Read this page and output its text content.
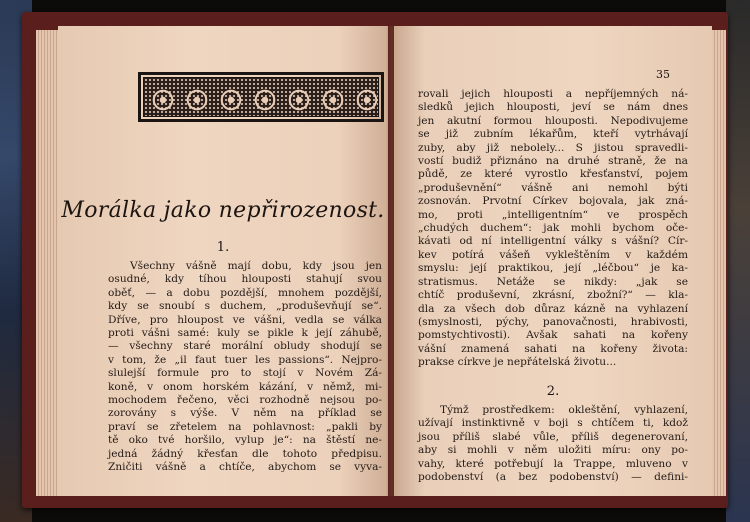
Morálka jako nepřirozenost.
1.
Všechny vášně mají dobu, kdy jsou jen
osudné, kdy tíhou hlouposti stahují svou
oběť, — a dobu pozdější, mnohem pozdější,
kdy se snoubí s duchem, „produševňují se“.
Dříve, pro hloupost ve vášni, vedla se válka
proti vášni samé: kuly se pikle k její záhubě,
— všechny staré morální obludy shodují se
v tom, že „il faut tuer les passions“. Nejpro-
slulejší formule pro to stojí v Novém Zá-
koně, v onom horském kázání, v němž, mi-
mochodem řečeno, věci rozhodně nejsou po-
zorovány s výše. V něm na příklad se
praví se zřetelem na pohlavnost: „pakli by
tě oko tvé horšilo, vylup je“: na štěstí ne-
jedná žádný křesťan dle tohoto předpisu.
Zničiti vášně a chtíče, abychom se vyva-
35
rovali jejich hlouposti a nepříjemných ná-
sledků jejich hlouposti, jeví se nám dnes
jen akutní formou hlouposti. Nepodivujeme
se již zubním lékařům, kteří vytrhávají
zuby, aby již nebolely... S jistou spravedli-
vostí budiž přiznáno na druhé straně, že na
půdě, ze které vyrostlo křesťanství, pojem
„produševnění“ vášně ani nemohl býti
zosnován. Prvotní Církev bojovala, jak zná-
mo, proti „intelligentním“ ve prospěch
„chudých duchem“: jak mohli bychom oče-
kávati od ní intelligentní války s vášní? Cír-
kev potírá vášeň vykleštěním v každém
smyslu: její praktikou, její „léčbou“ je ka-
stratismus. Netáže se nikdy: „jak se
chtíč produševní, zkrásní, zbožní?“ — kla-
dla za všech dob důraz kázně na vyhlazení
(smyslnosti, pýchy, panovačnosti, hrabivosti,
pomstychtivosti). Avšak sahati na kořeny
vášní znamená sahati na kořeny života:
prakse církve je nepřátelská životu...
2.
Týmž prostředkem: okleštění, vyhlazení,
užívají instinktivně v boji s chtíčem ti, kdož
jsou příliš slabé vůle, příliš degenerovaní,
aby si mohli v něm uložiti míru: ony po-
vahy, které potřebují la Trappe, mluveno v
podobenství (a bez podobenství) — defini-
